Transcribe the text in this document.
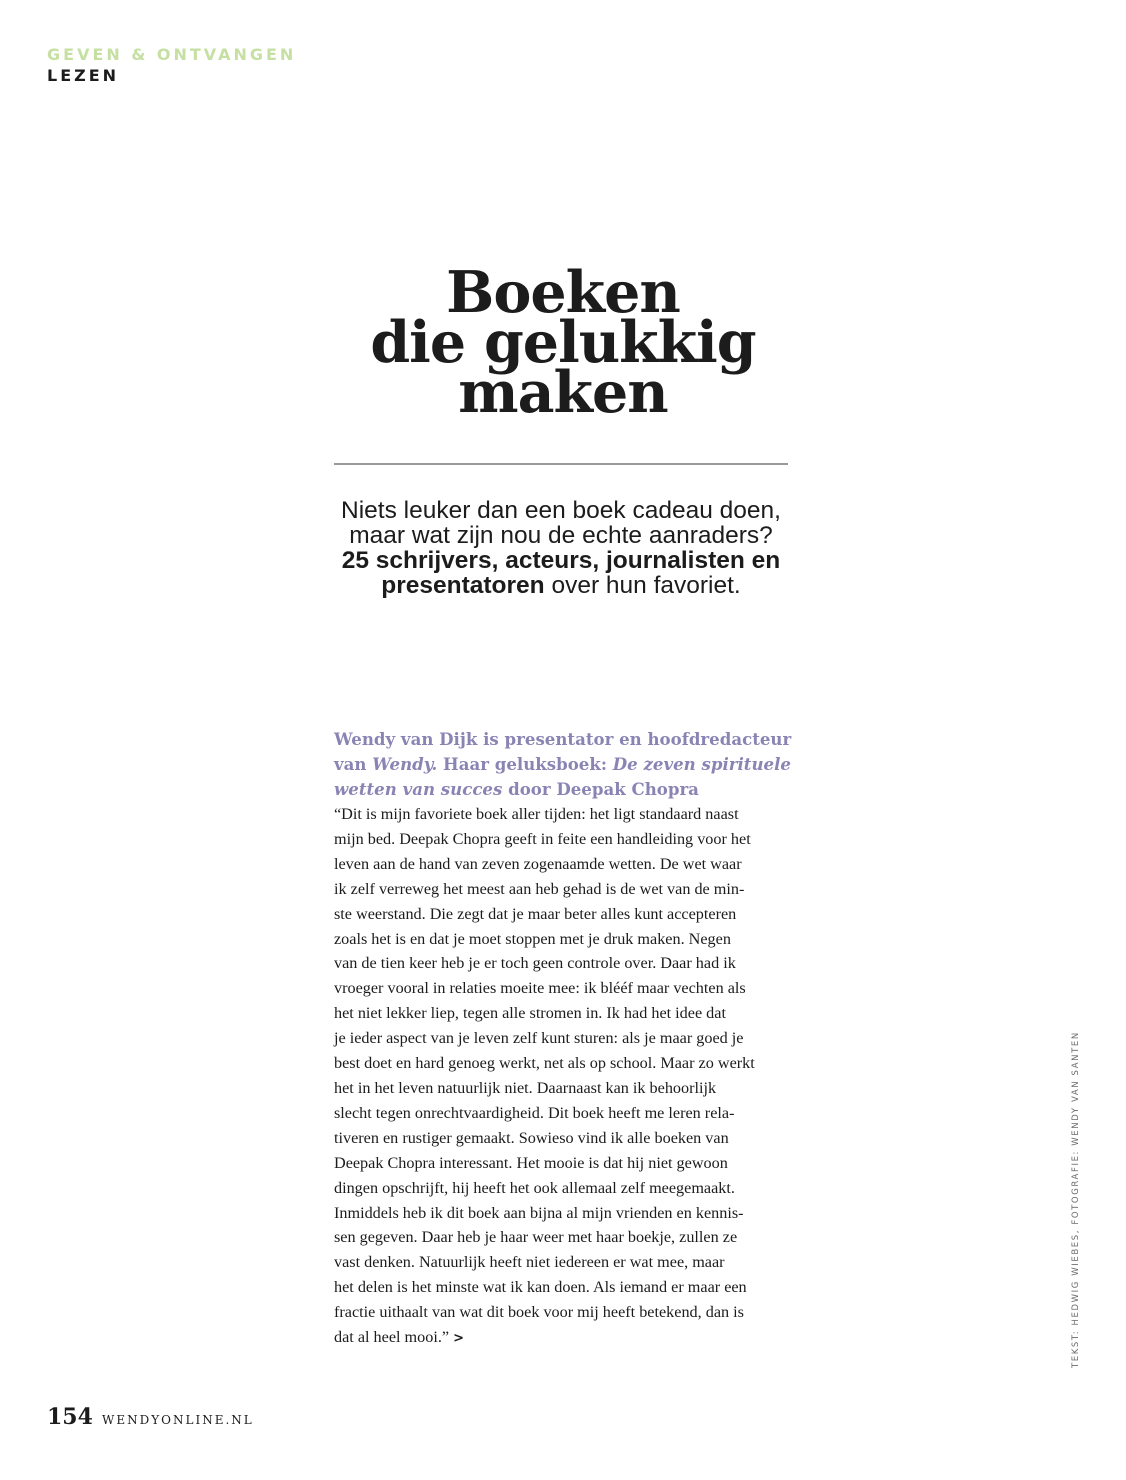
GEVEN & ONTVANGEN
LEZEN
Boeken
die gelukkig
maken

Niets leuker dan een boek cadeau doen, maar wat zijn nou de echte aanraders? 25 schrijvers, acteurs, journalisten en presentatoren over hun favoriet.

Wendy van Dijk is presentator en hoofdredacteur van Wendy. Haar geluksboek: De zeven spirituele wetten van succes door Deepak Chopra

“Dit is mijn favoriete boek aller tijden: het ligt standaard naast
mijn bed. Deepak Chopra geeft in feite een handleiding voor het
leven aan de hand van zeven zogenaamde wetten. De wet waar
ik zelf verreweg het meest aan heb gehad is de wet van de min-
ste weerstand. Die zegt dat je maar beter alles kunt accepteren
zoals het is en dat je moet stoppen met je druk maken. Negen
van de tien keer heb je er toch geen controle over. Daar had ik
vroeger vooral in relaties moeite mee: ik blééf maar vechten als
het niet lekker liep, tegen alle stromen in. Ik had het idee dat
je ieder aspect van je leven zelf kunt sturen: als je maar goed je
best doet en hard genoeg werkt, net als op school. Maar zo werkt
het in het leven natuurlijk niet. Daarnaast kan ik behoorlijk
slecht tegen onrechtvaardigheid. Dit boek heeft me leren rela-
tiveren en rustiger gemaakt. Sowieso vind ik alle boeken van
Deepak Chopra interessant. Het mooie is dat hij niet gewoon
dingen opschrijft, hij heeft het ook allemaal zelf meegemaakt.
Inmiddels heb ik dit boek aan bijna al mijn vrienden en kennis-
sen gegeven. Daar heb je haar weer met haar boekje, zullen ze
vast denken. Natuurlijk heeft niet iedereen er wat mee, maar
het delen is het minste wat ik kan doen. Als iemand er maar een
fractie uithaalt van wat dit boek voor mij heeft betekend, dan is
dat al heel mooi.” >	TEKST: HEDWIG WIEBES, FOTOGRAFIE: WENDY VAN SANTEN
154 WENDYONLINE.NL
